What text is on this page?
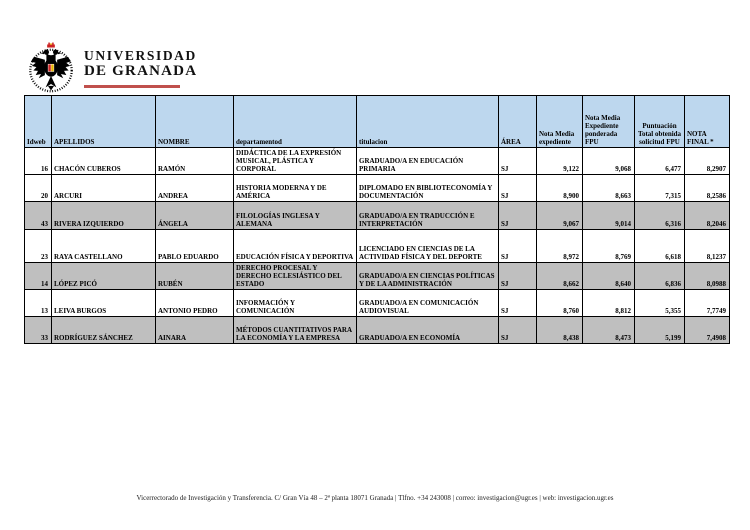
UNIVERSIDAD
DE GRANADA
Idweb	APELLIDOS	NOMBRE	departamentod	titulacion	ÁREA	Nota Media expediente	Nota Media Expediente ponderada FPU	Puntuación Total obtenida solicitud FPU	NOTA FINAL *
16	CHACÓN CUBEROS	RAMÓN	DIDÁCTICA DE LA EXPRESIÓN MUSICAL, PLÁSTICA Y CORPORAL	GRADUADO/A EN EDUCACIÓN PRIMARIA	SJ	9,122	9,068	6,477	8,2907
20	ARCURI	ANDREA	HISTORIA MODERNA Y DE AMÉRICA	DIPLOMADO EN BIBLIOTECONOMÍA Y DOCUMENTACIÓN	SJ	8,900	8,663	7,315	8,2586
43	RIVERA IZQUIERDO	ÁNGELA	FILOLOGÍAS INGLESA Y ALEMANA	GRADUADO/A EN TRADUCCIÓN E INTERPRETACIÓN	SJ	9,067	9,014	6,316	8,2046
23	RAYA CASTELLANO	PABLO EDUARDO	EDUCACIÓN FÍSICA Y DEPORTIVA	LICENCIADO EN CIENCIAS DE LA ACTIVIDAD FÍSICA Y DEL DEPORTE	SJ	8,972	8,769	6,618	8,1237
14	LÓPEZ PICÓ	RUBÉN	DERECHO PROCESAL Y DERECHO ECLESIÁSTICO DEL ESTADO	GRADUADO/A EN CIENCIAS POLÍTICAS Y DE LA ADMINISTRACIÓN	SJ	8,662	8,640	6,836	8,0988
13	LEIVA BURGOS	ANTONIO PEDRO	INFORMACIÓN Y COMUNICACIÓN	GRADUADO/A EN COMUNICACIÓN AUDIOVISUAL	SJ	8,760	8,812	5,355	7,7749
33	RODRÍGUEZ SÁNCHEZ	AINARA	MÉTODOS CUANTITATIVOS PARA LA ECONOMÍA Y LA EMPRESA	GRADUADO/A EN ECONOMÍA	SJ	8,438	8,473	5,199	7,4908
Vicerrectorado de Investigación y Transferencia. C/ Gran Vía 48 – 2ª planta 18071 Granada | Tlfno. +34 243008 | correo: investigacion@ugr.es | web: investigacion.ugr.es
